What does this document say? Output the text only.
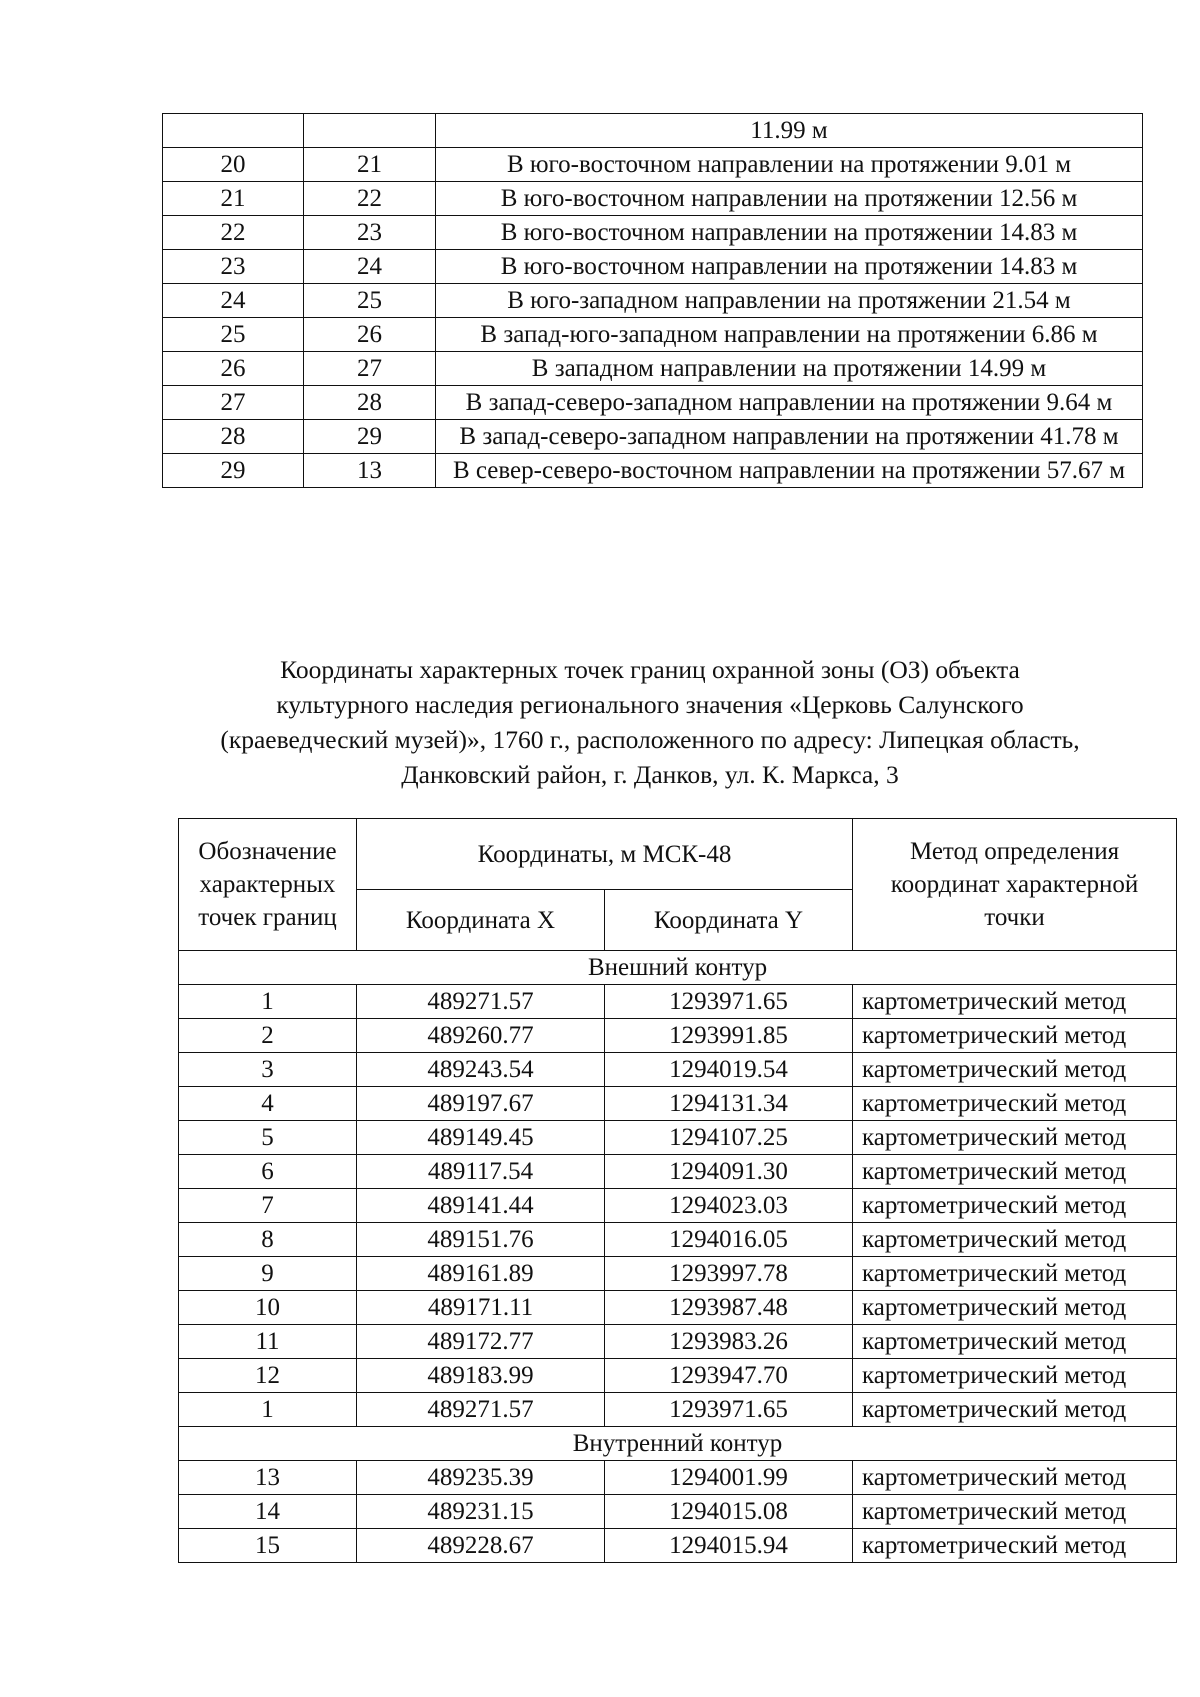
		11.99 м
20	21	В юго-восточном направлении на протяжении 9.01 м
21	22	В юго-восточном направлении на протяжении 12.56 м
22	23	В юго-восточном направлении на протяжении 14.83 м
23	24	В юго-восточном направлении на протяжении 14.83 м
24	25	В юго-западном направлении на протяжении 21.54 м
25	26	В запад-юго-западном направлении на протяжении 6.86 м
26	27	В западном направлении на протяжении 14.99 м
27	28	В запад-северо-западном направлении на протяжении 9.64 м
28	29	В запад-северо-западном направлении на протяжении 41.78 м
29	13	В север-северо-восточном направлении на протяжении 57.67 м
Координаты характерных точек границ охранной зоны (ОЗ) объекта
культурного наследия регионального значения «Церковь Салунского
(краеведческий музей)», 1760 г., расположенного по адресу: Липецкая область,
Данковский район, г. Данков, ул. К. Маркса, 3
Обозначение характерных точек границ	Координаты, м МСК-48		Метод определения координат характерной точки
	Координата X	Координата Y	
Внешний контур			
1	489271.57	1293971.65	картометрический метод
2	489260.77	1293991.85	картометрический метод
3	489243.54	1294019.54	картометрический метод
4	489197.67	1294131.34	картометрический метод
5	489149.45	1294107.25	картометрический метод
6	489117.54	1294091.30	картометрический метод
7	489141.44	1294023.03	картометрический метод
8	489151.76	1294016.05	картометрический метод
9	489161.89	1293997.78	картометрический метод
10	489171.11	1293987.48	картометрический метод
11	489172.77	1293983.26	картометрический метод
12	489183.99	1293947.70	картометрический метод
1	489271.57	1293971.65	картометрический метод
Внутренний контур			
13	489235.39	1294001.99	картометрический метод
14	489231.15	1294015.08	картометрический метод
15	489228.67	1294015.94	картометрический метод
